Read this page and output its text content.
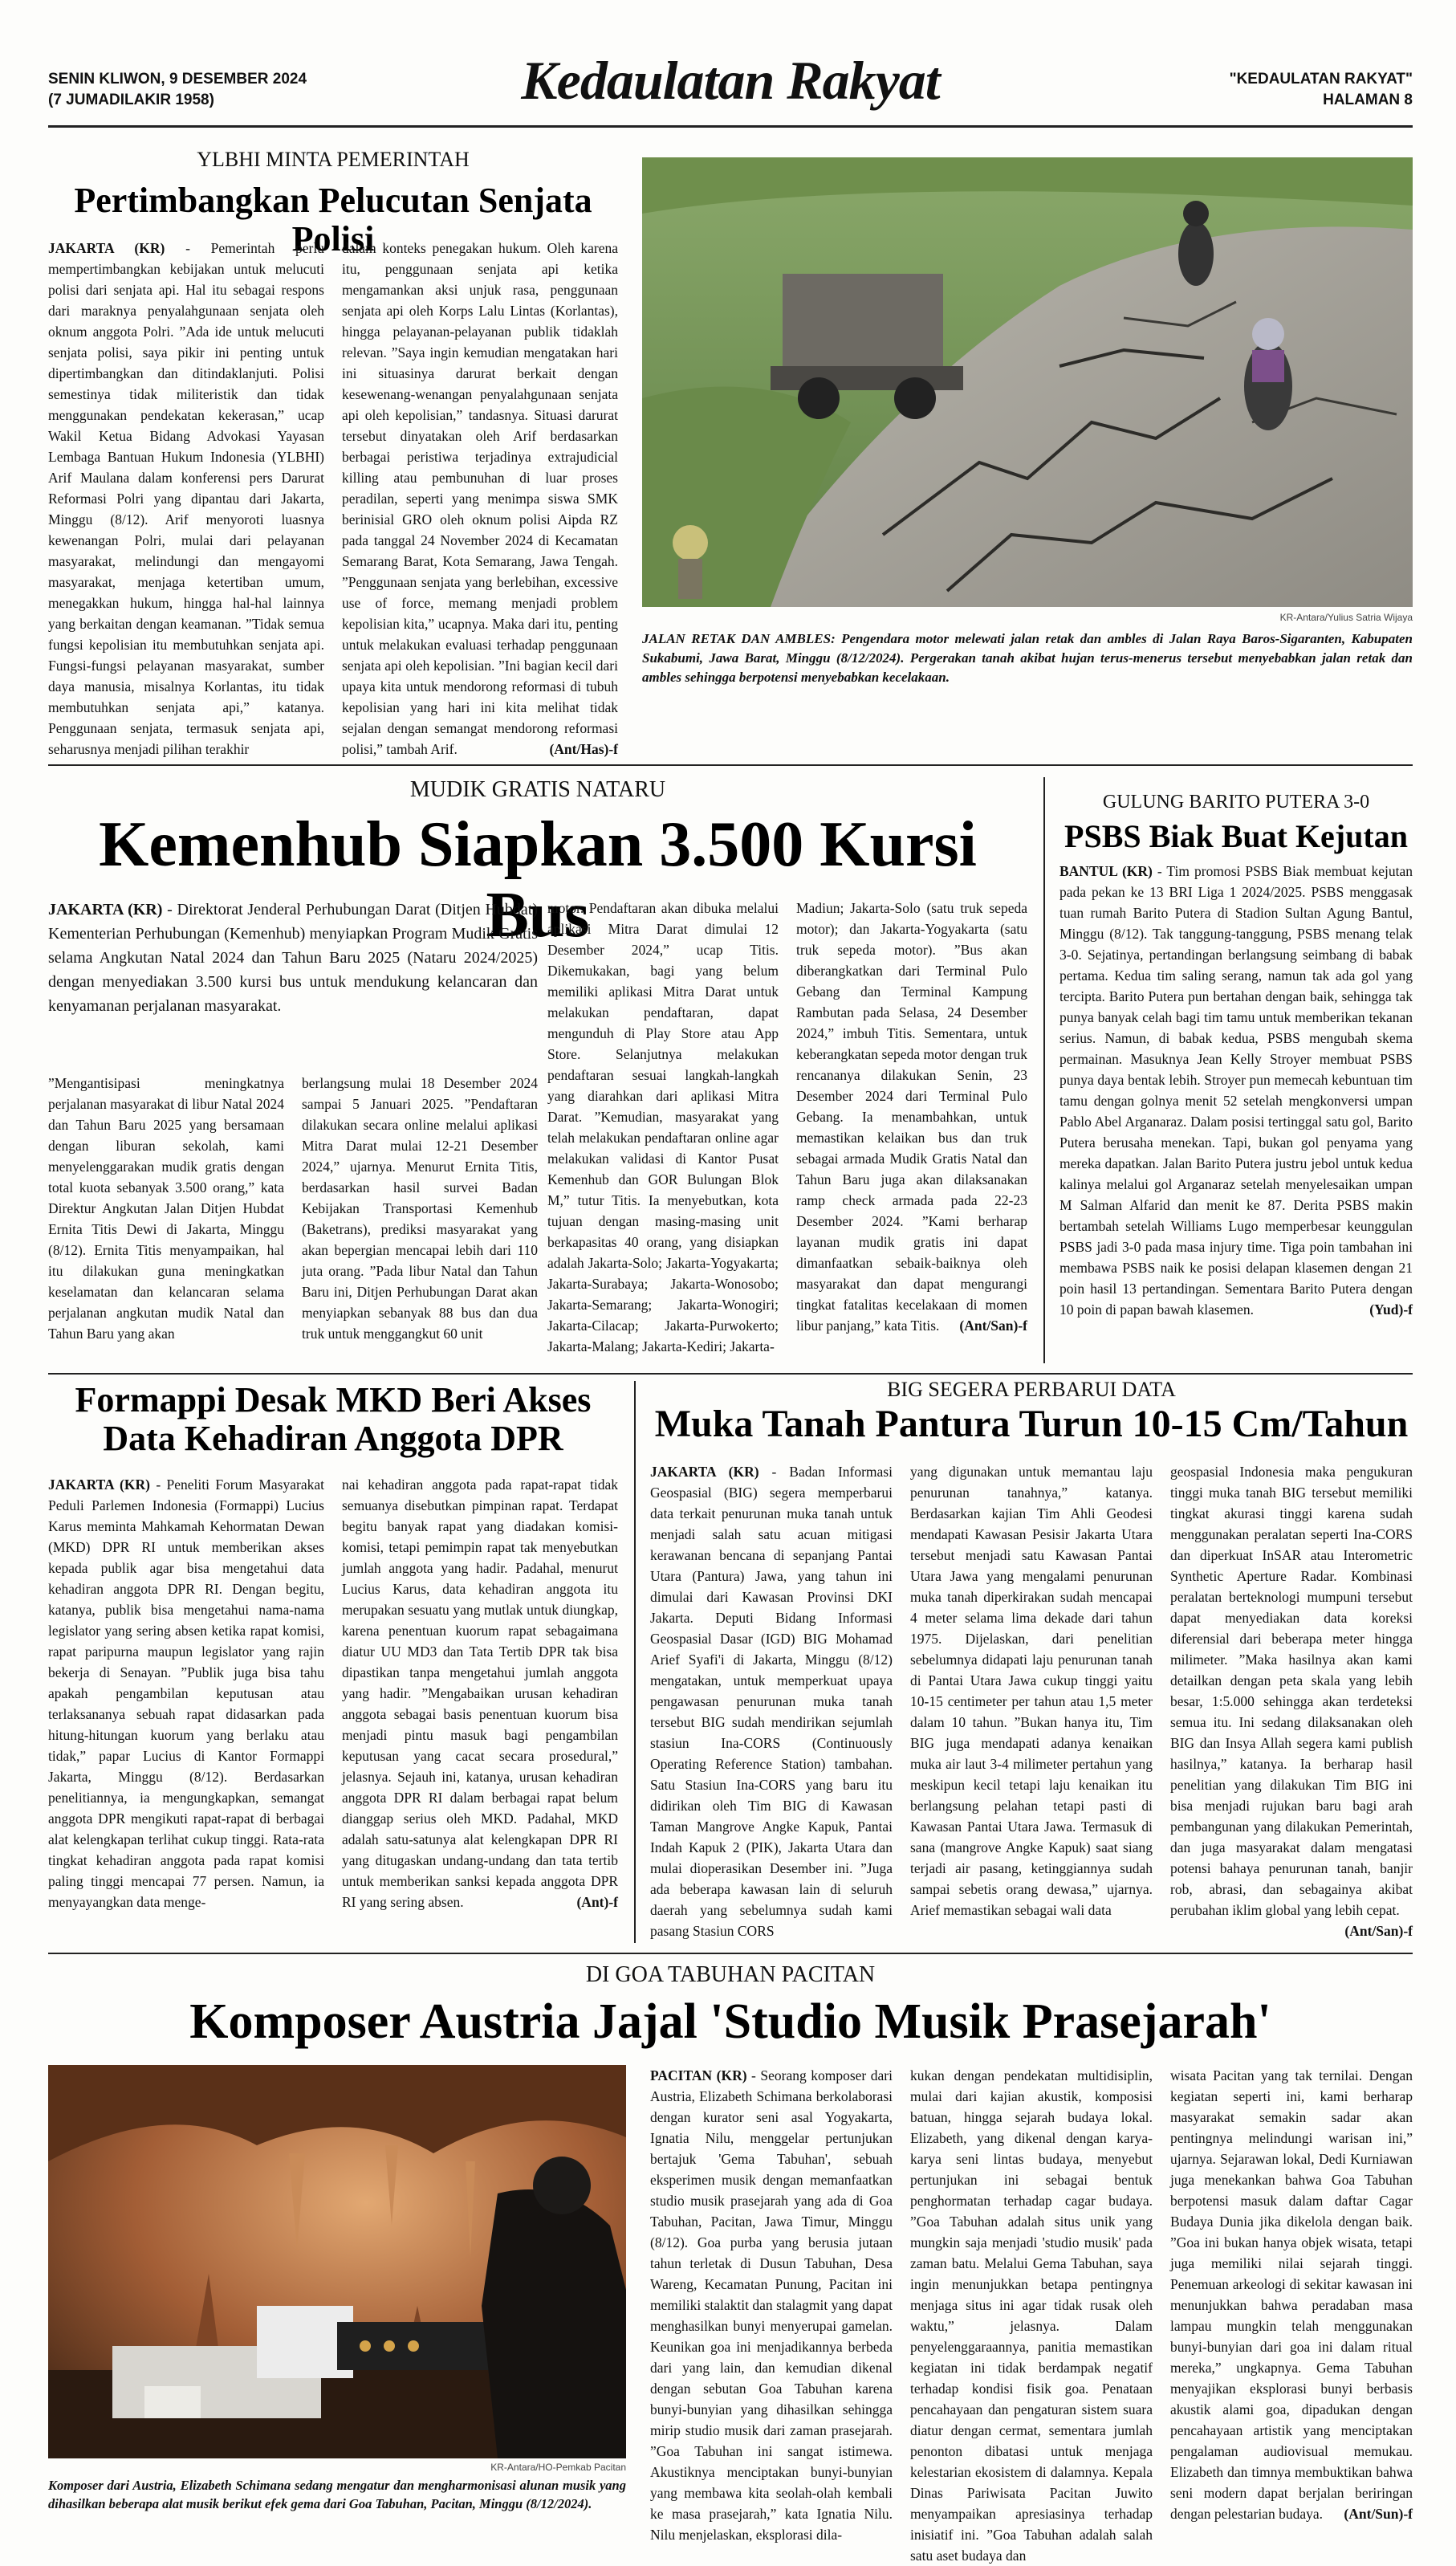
SENIN KLIWON, 9 DESEMBER 2024
(7 JUMADILAKIR 1958)	Kedaulatan Rakyat	"KEDAULATAN RAKYAT"
HALAMAN 8
YLBHI MINTA PEMERINTAH
Pertimbangkan Pelucutan Senjata Polisi

JAKARTA (KR) - Pemerintah perlu mempertimbangkan kebijakan untuk melucuti polisi dari senjata api. Hal itu sebagai respons dari maraknya penyalahgunaan senjata oleh oknum anggota Polri. ”Ada ide untuk melucuti senjata polisi, saya pikir ini penting untuk dipertimbangkan dan ditindaklanjuti. Polisi semestinya tidak militeristik dan tidak menggunakan pendekatan kekerasan,” ucap Wakil Ketua Bidang Advokasi Yayasan Lembaga Bantuan Hukum Indonesia (YLBHI) Arif Maulana dalam konferensi pers Darurat Reformasi Polri yang dipantau dari Jakarta, Minggu (8/12). Arif menyoroti luasnya kewenangan Polri, mulai dari pelayanan masyarakat, melindungi dan mengayomi masyarakat, menjaga ketertiban umum, menegakkan hukum, hingga hal-hal lainnya yang berkaitan dengan keamanan. ”Tidak semua fungsi kepolisian itu membutuhkan senjata api. Fungsi-fungsi pelayanan masyarakat, sumber daya manusia, misalnya Korlantas, itu tidak membutuhkan senjata api,” katanya. Penggunaan senjata, termasuk senjata api, seharusnya menjadi pilihan terakhir

dalam konteks penegakan hukum. Oleh karena itu, penggunaan senjata api ketika mengamankan aksi unjuk rasa, penggunaan senjata api oleh Korps Lalu Lintas (Korlantas), hingga pelayanan-pelayanan publik tidaklah relevan. ”Saya ingin kemudian mengatakan hari ini situasinya darurat berkait dengan kesewenang-wenangan penyalahgunaan senjata api oleh kepolisian,” tandasnya. Situasi darurat tersebut dinyatakan oleh Arif berdasarkan berbagai peristiwa terjadinya extrajudicial killing atau pembunuhan di luar proses peradilan, seperti yang menimpa siswa SMK berinisial GRO oleh oknum polisi Aipda RZ pada tanggal 24 November 2024 di Kecamatan Semarang Barat, Kota Semarang, Jawa Tengah. ”Penggunaan senjata yang berlebihan, excessive use of force, memang menjadi problem kepolisian kita,” ucapnya. Maka dari itu, penting untuk melakukan evaluasi terhadap penggunaan senjata api oleh kepolisian. ”Ini bagian kecil dari upaya kita untuk mendorong reformasi di tubuh kepolisian yang hari ini kita melihat tidak sejalan dengan semangat mendorong reformasi polisi,” tambah Arif.	(Ant/Has)-f

KR-Antara/Yulius Satria Wijaya
JALAN RETAK DAN AMBLES: Pengendara motor melewati jalan retak dan ambles di Jalan Raya Baros-Sigaranten, Kabupaten Sukabumi, Jawa Barat, Minggu (8/12/2024). Pergerakan tanah akibat hujan terus-menerus tersebut menyebabkan jalan retak dan ambles sehingga berpotensi menyebabkan kecelakaan.
MUDIK GRATIS NATARU
Kemenhub Siapkan 3.500 Kursi Bus
JAKARTA (KR) - Direktorat Jenderal Perhubungan Darat (Ditjen Hubdat) Kementerian Perhubungan (Kemenhub) menyiapkan Program Mudik Gratis selama Angkutan Natal 2024 dan Tahun Baru 2025 (Nataru 2024/2025) dengan menyediakan 3.500 kursi bus untuk mendukung kelancaran dan kenyamanan perjalanan masyarakat.

”Mengantisipasi meningkatnya perjalanan masyarakat di libur Natal 2024 dan Tahun Baru 2025 yang bersamaan dengan liburan sekolah, kami menyelenggarakan mudik gratis dengan total kuota sebanyak 3.500 orang,” kata Direktur Angkutan Jalan Ditjen Hubdat Ernita Titis Dewi di Jakarta, Minggu (8/12). Ernita Titis menyampaikan, hal itu dilakukan guna meningkatkan keselamatan dan kelancaran selama perjalanan angkutan mudik Natal dan Tahun Baru yang akan

berlangsung mulai 18 Desember 2024 sampai 5 Januari 2025. ”Pendaftaran dilakukan secara online melalui aplikasi Mitra Darat mulai 12-21 Desember 2024,” ujarnya. Menurut Ernita Titis, berdasarkan hasil survei Badan Kebijakan Transportasi Kemenhub (Baketrans), prediksi masyarakat yang akan bepergian mencapai lebih dari 110 juta orang. ”Pada libur Natal dan Tahun Baru ini, Ditjen Perhubungan Darat akan menyiapkan sebanyak 88 bus dan dua truk untuk menggangkut 60 unit

motor. Pendaftaran akan dibuka melalui aplikasi Mitra Darat dimulai 12 Desember 2024,” ucap Titis. Dikemukakan, bagi yang belum memiliki aplikasi Mitra Darat untuk melakukan pendaftaran, dapat mengunduh di Play Store atau App Store. Selanjutnya melakukan pendaftaran sesuai langkah-langkah yang diarahkan dari aplikasi Mitra Darat. ”Kemudian, masyarakat yang telah melakukan pendaftaran online agar melakukan validasi di Kantor Pusat Kemenhub dan GOR Bulungan Blok M,” tutur Titis. Ia menyebutkan, kota tujuan dengan masing-masing unit berkapasitas 40 orang, yang disiapkan adalah Jakarta-Solo; Jakarta-Yogyakarta; Jakarta-Surabaya; Jakarta-Wonosobo; Jakarta-Semarang; Jakarta-Wonogiri; Jakarta-Cilacap; Jakarta-Purwokerto; Jakarta-Malang; Jakarta-Kediri; Jakarta-

Madiun; Jakarta-Solo (satu truk sepeda motor); dan Jakarta-Yogyakarta (satu truk sepeda motor). ”Bus akan diberangkatkan dari Terminal Pulo Gebang dan Terminal Kampung Rambutan pada Selasa, 24 Desember 2024,” imbuh Titis. Sementara, untuk keberangkatan sepeda motor dengan truk rencananya dilakukan Senin, 23 Desember 2024 dari Terminal Pulo Gebang. Ia menambahkan, untuk memastikan kelaikan bus dan truk sebagai armada Mudik Gratis Natal dan Tahun Baru juga akan dilaksanakan ramp check armada pada 22-23 Desember 2024. ”Kami berharap layanan mudik gratis ini dapat dimanfaatkan sebaik-baiknya oleh masyarakat dan dapat mengurangi tingkat fatalitas kecelakaan di momen libur panjang,” kata Titis. (Ant/San)-f

GULUNG BARITO PUTERA 3-0
PSBS Biak Buat Kejutan

BANTUL (KR) - Tim promosi PSBS Biak membuat kejutan pada pekan ke 13 BRI Liga 1 2024/2025. PSBS menggasak tuan rumah Barito Putera di Stadion Sultan Agung Bantul, Minggu (8/12). Tak tanggung-tanggung, PSBS menang telak 3-0. Sejatinya, pertandingan berlangsung seimbang di babak pertama. Kedua tim saling serang, namun tak ada gol yang tercipta. Barito Putera pun bertahan dengan baik, sehingga tak punya banyak celah bagi tim tamu untuk memberikan tekanan serius. Namun, di babak kedua, PSBS mengubah skema permainan. Masuknya Jean Kelly Stroyer membuat PSBS punya daya bentak lebih. Stroyer pun memecah kebuntuan tim tamu dengan golnya menit 52 setelah mengkonversi umpan Pablo Abel Arganaraz. Dalam posisi tertinggal satu gol, Barito Putera berusaha menekan. Tapi, bukan gol penyama yang mereka dapatkan. Jalan Barito Putera justru jebol untuk kedua kalinya melalui gol Arganaraz setelah menyelesaikan umpan M Salman Alfarid dan menit ke 87. Derita PSBS makin bertambah setelah Williams Lugo memperbesar keunggulan PSBS jadi 3-0 pada masa injury time. Tiga poin tambahan ini membawa PSBS naik ke posisi delapan klasemen dengan 21 poin hasil 13 pertandingan. Sementara Barito Putera dengan 10 poin di papan bawah klasemen.	(Yud)-f

Formappi Desak MKD Beri Akses
Data Kehadiran Anggota DPR

JAKARTA (KR) - Peneliti Forum Masyarakat Peduli Parlemen Indonesia (Formappi) Lucius Karus meminta Mahkamah Kehormatan Dewan (MKD) DPR RI untuk memberikan akses kepada publik agar bisa mengetahui data kehadiran anggota DPR RI. Dengan begitu, katanya, publik bisa mengetahui nama-nama legislator yang sering absen ketika rapat komisi, rapat paripurna maupun legislator yang rajin bekerja di Senayan. ”Publik juga bisa tahu apakah pengambilan keputusan atau terlaksananya sebuah rapat didasarkan pada hitung-hitungan kuorum yang berlaku atau tidak,” papar Lucius di Kantor Formappi Jakarta, Minggu (8/12). Berdasarkan penelitiannya, ia mengungkapkan, semangat anggota DPR mengikuti rapat-rapat di berbagai alat kelengkapan terlihat cukup tinggi. Rata-rata tingkat kehadiran anggota pada rapat komisi paling tinggi mencapai 77 persen. Namun, ia menyayangkan data menge-

nai kehadiran anggota pada rapat-rapat tidak semuanya disebutkan pimpinan rapat. Terdapat begitu banyak rapat yang diadakan komisi-komisi, tetapi pemimpin rapat tak menyebutkan jumlah anggota yang hadir. Padahal, menurut Lucius Karus, data kehadiran anggota itu merupakan sesuatu yang mutlak untuk diungkap, karena penentuan kuorum rapat sebagaimana diatur UU MD3 dan Tata Tertib DPR tak bisa dipastikan tanpa mengetahui jumlah anggota yang hadir. ”Mengabaikan urusan kehadiran anggota sebagai basis penentuan kuorum bisa menjadi pintu masuk bagi pengambilan keputusan yang cacat secara prosedural,” jelasnya. Sejauh ini, katanya, urusan kehadiran anggota DPR RI dalam berbagai rapat belum dianggap serius oleh MKD. Padahal, MKD adalah satu-satunya alat kelengkapan DPR RI yang ditugaskan undang-undang dan tata tertib untuk memberikan sanksi kepada anggota DPR RI yang sering absen.	(Ant)-f

BIG SEGERA PERBARUI DATA
Muka Tanah Pantura Turun 10-15 Cm/Tahun

JAKARTA (KR) - Badan Informasi Geospasial (BIG) segera memperbarui data terkait penurunan muka tanah untuk menjadi salah satu acuan mitigasi kerawanan bencana di sepanjang Pantai Utara (Pantura) Jawa, yang tahun ini dimulai dari Kawasan Provinsi DKI Jakarta. Deputi Bidang Informasi Geospasial Dasar (IGD) BIG Mohamad Arief Syafi'i di Jakarta, Minggu (8/12) mengatakan, untuk memperkuat upaya pengawasan penurunan muka tanah tersebut BIG sudah mendirikan sejumlah stasiun Ina-CORS (Continuously Operating Reference Station) tambahan. Satu Stasiun Ina-CORS yang baru itu didirikan oleh Tim BIG di Kawasan Taman Mangrove Angke Kapuk, Pantai Indah Kapuk 2 (PIK), Jakarta Utara dan mulai dioperasikan Desember ini. ”Juga ada beberapa kawasan lain di seluruh daerah yang sebelumnya sudah kami pasang Stasiun CORS

yang digunakan untuk memantau laju penurunan tanahnya,” katanya. Berdasarkan kajian Tim Ahli Geodesi mendapati Kawasan Pesisir Jakarta Utara tersebut menjadi satu Kawasan Pantai Utara Jawa yang mengalami penurunan muka tanah diperkirakan sudah mencapai 4 meter selama lima dekade dari tahun 1975. Dijelaskan, dari penelitian sebelumnya didapati laju penurunan tanah di Pantai Utara Jawa cukup tinggi yaitu 10-15 centimeter per tahun atau 1,5 meter dalam 10 tahun. ”Bukan hanya itu, Tim BIG juga mendapati adanya kenaikan muka air laut 3-4 milimeter pertahun yang meskipun kecil tetapi laju kenaikan itu berlangsung pelahan tetapi pasti di Kawasan Pantai Utara Jawa. Termasuk di sana (mangrove Angke Kapuk) saat siang terjadi air pasang, ketinggiannya sudah sampai sebetis orang dewasa,” ujarnya. Arief memastikan sebagai wali data

geospasial Indonesia maka pengukuran tinggi muka tanah BIG tersebut memiliki tingkat akurasi tinggi karena sudah menggunakan peralatan seperti Ina-CORS dan diperkuat InSAR atau Interometric Synthetic Aperture Radar. Kombinasi peralatan berteknologi mumpuni tersebut dapat menyediakan data koreksi diferensial dari beberapa meter hingga milimeter. ”Maka hasilnya akan kami detailkan dengan peta skala yang lebih besar, 1:5.000 sehingga akan terdeteksi semua itu. Ini sedang dilaksanakan oleh BIG dan Insya Allah segera kami publish hasilnya,” katanya. Ia berharap hasil penelitian yang dilakukan Tim BIG ini bisa menjadi rujukan baru bagi arah pembangunan yang dilakukan Pemerintah, dan juga masyarakat dalam mengatasi potensi bahaya penurunan tanah, banjir rob, abrasi, dan sebagainya akibat perubahan iklim global yang lebih cepat.
(Ant/San)-f

DI GOA TABUHAN PACITAN
Komposer Austria Jajal 'Studio Musik Prasejarah'
KR-Antara/HO-Pemkab Pacitan
Komposer dari Austria, Elizabeth Schimana sedang mengatur dan mengharmonisasi alunan musik yang dihasilkan beberapa alat musik berikut efek gema dari Goa Tabuhan, Pacitan, Minggu (8/12/2024).

PACITAN (KR) - Seorang komposer dari Austria, Elizabeth Schimana berkolaborasi dengan kurator seni asal Yogyakarta, Ignatia Nilu, menggelar pertunjukan bertajuk 'Gema Tabuhan', sebuah eksperimen musik dengan memanfaatkan studio musik prasejarah yang ada di Goa Tabuhan, Pacitan, Jawa Timur, Minggu (8/12). Goa purba yang berusia jutaan tahun terletak di Dusun Tabuhan, Desa Wareng, Kecamatan Punung, Pacitan ini memiliki stalaktit dan stalagmit yang dapat menghasilkan bunyi menyerupai gamelan. Keunikan goa ini menjadikannya berbeda dari yang lain, dan kemudian dikenal dengan sebutan Goa Tabuhan karena bunyi-bunyian yang dihasilkan sehingga mirip studio musik dari zaman prasejarah. ”Goa Tabuhan ini sangat istimewa. Akustiknya menciptakan bunyi-bunyian yang membawa kita seolah-olah kembali ke masa prasejarah,” kata Ignatia Nilu. Nilu menjelaskan, eksplorasi dila-

kukan dengan pendekatan multidisiplin, mulai dari kajian akustik, komposisi batuan, hingga sejarah budaya lokal. Elizabeth, yang dikenal dengan karya-karya seni lintas budaya, menyebut pertunjukan ini sebagai bentuk penghormatan terhadap cagar budaya. ”Goa Tabuhan adalah situs unik yang mungkin saja menjadi 'studio musik' pada zaman batu. Melalui Gema Tabuhan, saya ingin menunjukkan betapa pentingnya menjaga situs ini agar tidak rusak oleh waktu,” jelasnya. Dalam penyelenggaraannya, panitia memastikan kegiatan ini tidak berdampak negatif terhadap kondisi fisik goa. Penataan pencahayaan dan pengaturan sistem suara diatur dengan cermat, sementara jumlah penonton dibatasi untuk menjaga kelestarian ekosistem di dalamnya. Kepala Dinas Pariwisata Pacitan Juwito menyampaikan apresiasinya terhadap inisiatif ini. ”Goa Tabuhan adalah salah satu aset budaya dan

wisata Pacitan yang tak ternilai. Dengan kegiatan seperti ini, kami berharap masyarakat semakin sadar akan pentingnya melindungi warisan ini,” ujarnya. Sejarawan lokal, Dedi Kurniawan juga menekankan bahwa Goa Tabuhan berpotensi masuk dalam daftar Cagar Budaya Dunia jika dikelola dengan baik. ”Goa ini bukan hanya objek wisata, tetapi juga memiliki nilai sejarah tinggi. Penemuan arkeologi di sekitar kawasan ini menunjukkan bahwa peradaban masa lampau mungkin telah menggunakan bunyi-bunyian dari goa ini dalam ritual mereka,” ungkapnya. Gema Tabuhan menyajikan eksplorasi bunyi berbasis akustik alami goa, dipadukan dengan pencahayaan artistik yang menciptakan pengalaman audiovisual memukau. Elizabeth dan timnya membuktikan bahwa seni modern dapat berjalan beriringan dengan pelestarian budaya. (Ant/Sun)-f
